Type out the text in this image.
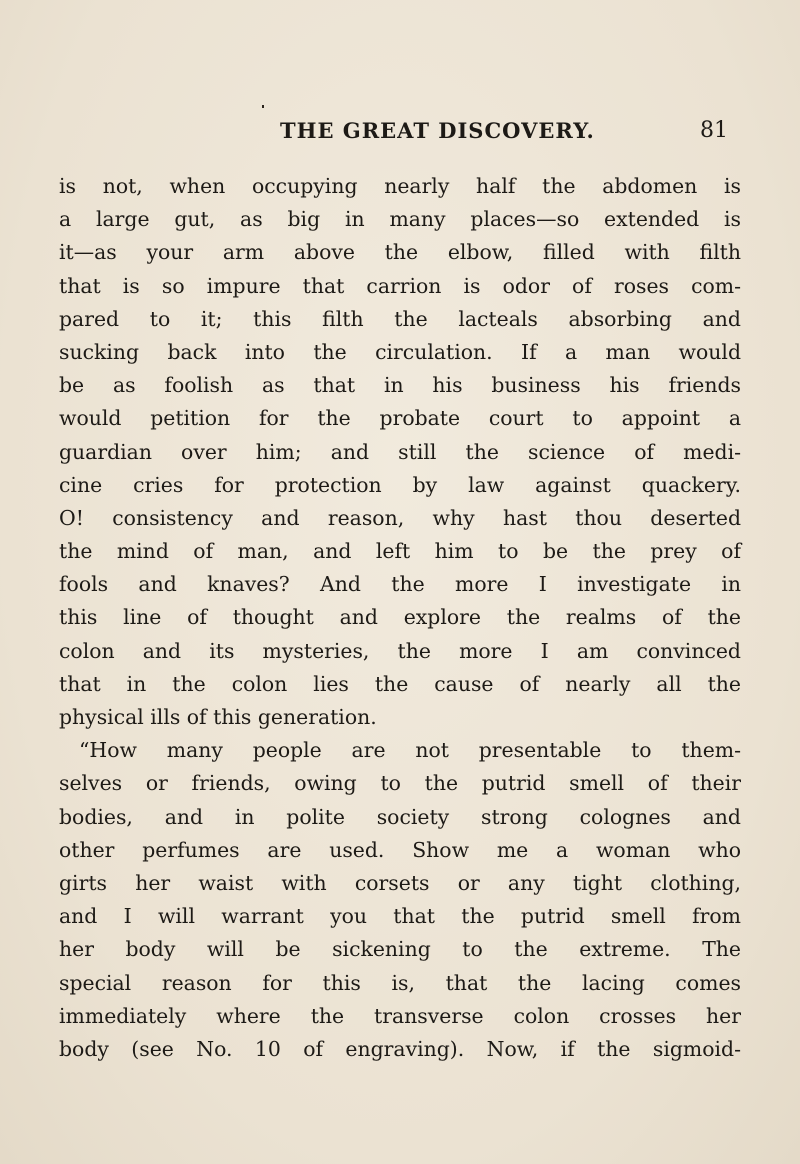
THE GREAT DISCOVERY.	81
is not, when occupying nearly half the abdomen is
a large gut, as big in many places—so extended is
it—as your arm above the elbow, filled with filth
that is so impure that carrion is odor of roses com-
pared to it; this filth the lacteals absorbing and
sucking back into the circulation. If a man would
be as foolish as that in his business his friends
would petition for the probate court to appoint a
guardian over him; and still the science of medi-
cine cries for protection by law against quackery.
O! consistency and reason, why hast thou deserted
the mind of man, and left him to be the prey of
fools and knaves? And the more I investigate in
this line of thought and explore the realms of the
colon and its mysteries, the more I am convinced
that in the colon lies the cause of nearly all the
physical ills of this generation.
“How many people are not presentable to them-
selves or friends, owing to the putrid smell of their
bodies, and in polite society strong colognes and
other perfumes are used. Show me a woman who
girts her waist with corsets or any tight clothing,
and I will warrant you that the putrid smell from
her body will be sickening to the extreme. The
special reason for this is, that the lacing comes
immediately where the transverse colon crosses her
body (see No. 10 of engraving). Now, if the sigmoid-
